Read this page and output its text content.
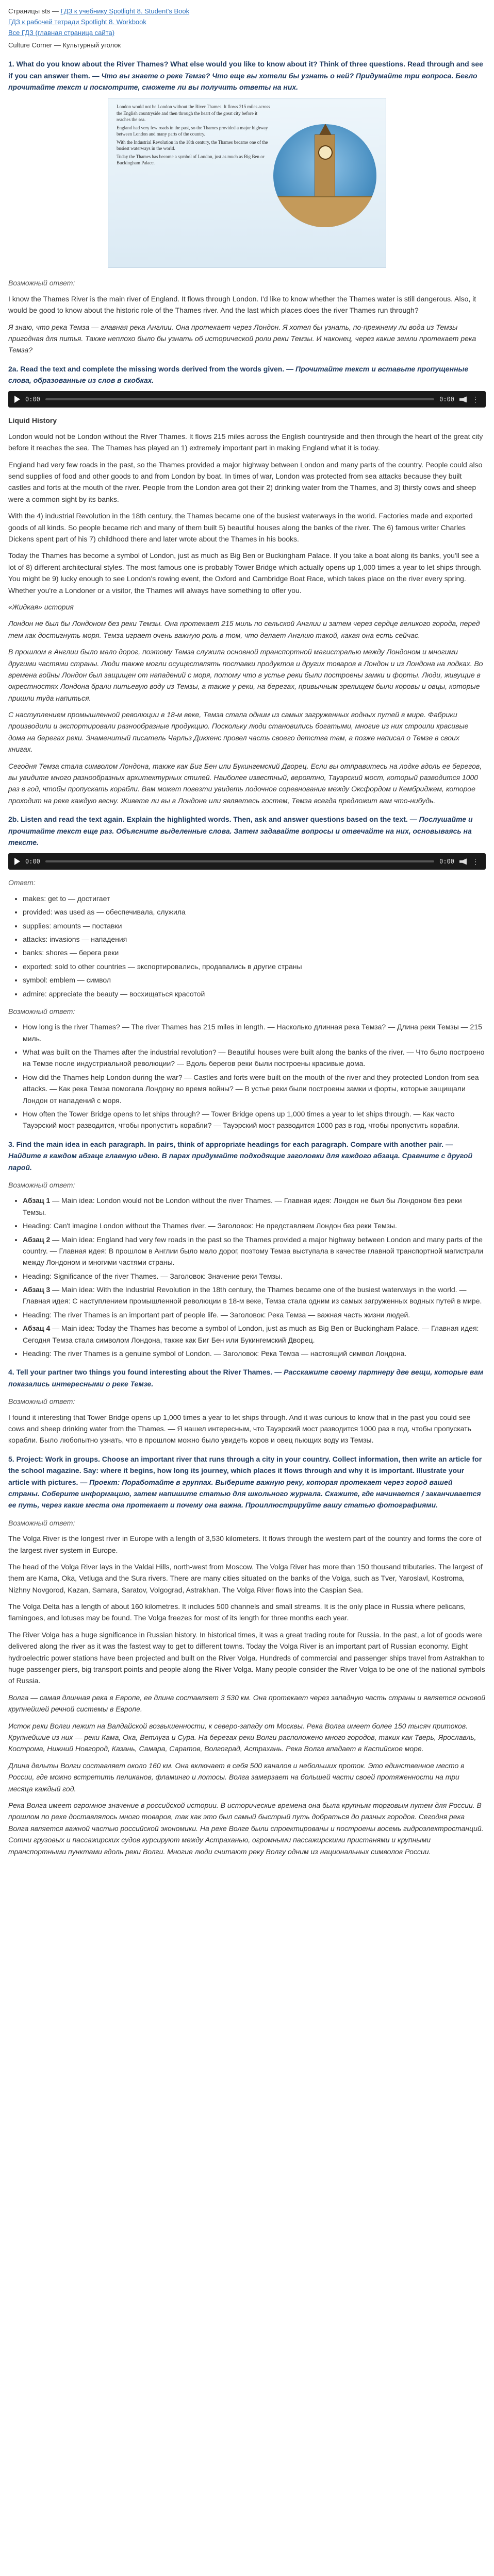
Страницы sts — ГДЗ к учебнику Spotlight 8. Student's Book
ГДЗ к рабочей тетради Spotlight 8. Workbook
Все ГДЗ (главная страница сайта)
Culture Corner — Культурный уголок
1. What do you know about the River Thames? What else would you like to know about it? Think of three questions. Read through and see if you can answer them. — Что вы знаете о реке Темзе? Что еще вы хотели бы узнать о ней? Придумайте три вопроса. Бегло прочитайте текст и посмотрите, сможете ли вы получить ответы на них.

London would not be London without the River Thames. It flows 215 miles across the English countryside and then through the heart of the great city before it reaches the sea.

England had very few roads in the past, so the Thames provided a major highway between London and many parts of the country.

With the Industrial Revolution in the 18th century, the Thames became one of the busiest waterways in the world.

Today the Thames has become a symbol of London, just as much as Big Ben or Buckingham Palace.

Возможный ответ:

I know the Thames River is the main river of England. It flows through London. I'd like to know whether the Thames water is still dangerous. Also, it would be good to know about the historic role of the Thames river. And the last which places does the river Thames run through?

Я знаю, что река Темза — главная река Англии. Она протекает через Лондон. Я хотел бы узнать, по-прежнему ли вода из Темзы пригодная для питья. Также неплохо было бы узнать об исторической роли реки Темзы. И наконец, через какие земли протекает река Темза?

2a. Read the text and complete the missing words derived from the words given. — Прочитайте текст и вставьте пропущенные слова, образованные из слов в скобках.
0:00	0:00 ⋮
Liquid History

London would not be London without the River Thames. It flows 215 miles across the English countryside and then through the heart of the great city before it reaches the sea. The Thames has played an 1) extremely important part in making England what it is today.

England had very few roads in the past, so the Thames provided a major highway between London and many parts of the country. People could also send supplies of food and other goods to and from London by boat. In times of war, London was protected from sea attacks because they built castles and forts at the mouth of the river. People from the London area got their 2) drinking water from the Thames, and 3) thirsty cows and sheep were a common sight by its banks.

With the 4) industrial Revolution in the 18th century, the Thames became one of the busiest waterways in the world. Factories made and exported goods of all kinds. So people became rich and many of them built 5) beautiful houses along the banks of the river. The 6) famous writer Charles Dickens spent part of his 7) childhood there and later wrote about the Thames in his books.

Today the Thames has become a symbol of London, just as much as Big Ben or Buckingham Palace. If you take a boat along its banks, you'll see a lot of 8) different architectural styles. The most famous one is probably Tower Bridge which actually opens up 1,000 times a year to let ships through. You might be 9) lucky enough to see London's rowing event, the Oxford and Cambridge Boat Race, which takes place on the river every spring. Whether you're a Londoner or a visitor, the Thames will always have something to offer you.

«Жидкая» история

Лондон не был бы Лондоном без реки Темзы. Она протекает 215 миль по сельской Англии и затем через сердце великого города, перед тем как достигнуть моря. Темза играет очень важную роль в том, что делает Англию такой, какая она есть сейчас.

В прошлом в Англии было мало дорог, поэтому Темза служила основной транспортной магистралью между Лондоном и многими другими частями страны. Люди также могли осуществлять поставки продуктов и других товаров в Лондон и из Лондона на лодках. Во времена войны Лондон был защищен от нападений с моря, потому что в устье реки были построены замки и форты. Люди, живущие в окрестностях Лондона брали питьевую воду из Темзы, а также у реки, на берегах, привычным зрелищем были коровы и овцы, которые пришли туда напиться.

С наступлением промышленной революции в 18-м веке, Темза стала одним из самых загруженных водных путей в мире. Фабрики производили и экспортировали разнообразные продукцию. Поскольку люди становились богатыми, многие из них строили красивые дома на берегах реки. Знаменитый писатель Чарльз Диккенс провел часть своего детства там, а позже написал о Темзе в своих книгах.

Сегодня Темза стала символом Лондона, также как Биг Бен или Букингемский Дворец. Если вы отправитесь на лодке вдоль ее берегов, вы увидите много разнообразных архитектурных стилей. Наиболее известный, вероятно, Тауэрский мост, который разводится 1000 раз в год, чтобы пропускать корабли. Вам может повезти увидеть лодочное соревнование между Оксфордом и Кембриджем, которое проходит на реке каждую весну. Живете ли вы в Лондоне или являетесь гостем, Темза всегда предложит вам что-нибудь.

2b. Listen and read the text again. Explain the highlighted words. Then, ask and answer questions based on the text. — Послушайте и прочитайте текст еще раз. Объясните выделенные слова. Затем задавайте вопросы и отвечайте на них, основываясь на тексте.
0:00	0:00 ⋮
Ответ:
• makes: get to — достигает
• provided: was used as — обеспечивала, служила
• supplies: amounts — поставки
• attacks: invasions — нападения
• banks: shores — берега реки
• exported: sold to other countries — экспортировались, продавались в другие страны
• symbol: emblem — символ
• admire: appreciate the beauty — восхищаться красотой
Возможный ответ:
• How long is the river Thames? — The river Thames has 215 miles in length. — Насколько длинная река Темза? — Длина реки Темзы — 215 миль.
• What was built on the Thames after the industrial revolution? — Beautiful houses were built along the banks of the river. — Что было построено на Темзе после индустриальной революции? — Вдоль берегов реки были построены красивые дома.
• How did the Thames help London during the war? — Castles and forts were built on the mouth of the river and they protected London from sea attacks. — Как река Темза помогала Лондону во время войны? — В устье реки были построены замки и форты, которые защищали Лондон от нападений с моря.
• How often the Tower Bridge opens to let ships through? — Tower Bridge opens up 1,000 times a year to let ships through. — Как часто Тауэрский мост разводится, чтобы пропустить корабли? — Тауэрский мост разводится 1000 раз в год, чтобы пропустить корабли.
3. Find the main idea in each paragraph. In pairs, think of appropriate headings for each paragraph. Compare with another pair. — Найдите в каждом абзаце главную идею. В парах придумайте подходящие заголовки для каждого абзаца. Сравните с другой парой.
Возможный ответ:
• Абзац 1 — Main idea: London would not be London without the river Thames. — Главная идея: Лондон не был бы Лондоном без реки Темзы.
• Heading: Can't imagine London without the Thames river. — Заголовок: Не представляем Лондон без реки Темзы.
• Абзац 2 — Main idea: England had very few roads in the past so the Thames provided a major highway between London and many parts of the country. — Главная идея: В прошлом в Англии было мало дорог, поэтому Темза выступала в качестве главной транспортной магистрали между Лондоном и многими частями страны.
• Heading: Significance of the river Thames. — Заголовок: Значение реки Темзы.
• Абзац 3 — Main idea: With the Industrial Revolution in the 18th century, the Thames became one of the busiest waterways in the world. — Главная идея: С наступлением промышленной революции в 18-м веке, Темза стала одним из самых загруженных водных путей в мире.
• Heading: The river Thames is an important part of people life. — Заголовок: Река Темза — важная часть жизни людей.
• Абзац 4 — Main idea: Today the Thames has become a symbol of London, just as much as Big Ben or Buckingham Palace. — Главная идея: Сегодня Темза стала символом Лондона, также как Биг Бен или Букингемский Дворец.
• Heading: The river Thames is a genuine symbol of London. — Заголовок: Река Темза — настоящий символ Лондона.
4. Tell your partner two things you found interesting about the River Thames. — Расскажите своему партнеру две вещи, которые вам показались интересными о реке Темзе.
Возможный ответ:

I found it interesting that Tower Bridge opens up 1,000 times a year to let ships through. And it was curious to know that in the past you could see cows and sheep drinking water from the Thames. — Я нашел интересным, что Тауэрский мост разводится 1000 раз в год, чтобы пропускать корабли. Было любопытно узнать, что в прошлом можно было увидеть коров и овец пьющих воду из Темзы.

5. Project: Work in groups. Choose an important river that runs through a city in your country. Collect information, then write an article for the school magazine. Say: where it begins, how long its journey, which places it flows through and why it is important. Illustrate your article with pictures. — Проект: Поработайте в группах. Выберите важную реку, которая протекает через город вашей страны. Соберите информацию, затем напишите статью для школьного журнала. Скажите, где начинается / заканчивается ее путь, через какие места она протекает и почему она важна. Проиллюстрируйте вашу статью фотографиями.
Возможный ответ:

The Volga River is the longest river in Europe with a length of 3,530 kilometers. It flows through the western part of the country and forms the core of the largest river system in Europe.

The head of the Volga River lays in the Valdai Hills, north-west from Moscow. The Volga River has more than 150 thousand tributaries. The largest of them are Kama, Oka, Vetluga and the Sura rivers. There are many cities situated on the banks of the Volga, such as Tver, Yaroslavl, Kostroma, Nizhny Novgorod, Kazan, Samara, Saratov, Volgograd, Astrakhan. The Volga River flows into the Caspian Sea.

The Volga Delta has a length of about 160 kilometres. It includes 500 channels and small streams. It is the only place in Russia where pelicans, flamingoes, and lotuses may be found. The Volga freezes for most of its length for three months each year.

The River Volga has a huge significance in Russian history. In historical times, it was a great trading route for Russia. In the past, a lot of goods were delivered along the river as it was the fastest way to get to different towns. Today the Volga River is an important part of Russian economy. Eight hydroelectric power stations have been projected and built on the River Volga. Hundreds of commercial and passenger ships travel from Astrakhan to huge passenger piers, big transport points and people along the River Volga. Many people consider the River Volga to be one of the national symbols of Russia.

Волга — самая длинная река в Европе, ее длина составляет 3 530 км. Она протекает через западную часть страны и является основой крупнейшей речной системы в Европе.

Исток реки Волги лежит на Валдайской возвышенности, к северо-западу от Москвы. Река Волга имеет более 150 тысяч притоков. Крупнейшие из них — реки Кама, Ока, Ветлуга и Сура. На берегах реки Волги расположено много городов, таких как Тверь, Ярославль, Кострома, Нижний Новгород, Казань, Самара, Саратов, Волгоград, Астрахань. Река Волга впадает в Каспийское море.

Длина дельты Волги составляет около 160 км. Она включает в себя 500 каналов и небольших проток. Это единственное место в России, где можно встретить пеликанов, фламинго и лотосы. Волга замерзает на большей части своей протяженности на три месяца каждый год.

Река Волга имеет огромное значение в российской истории. В исторические времена она была крупным торговым путем для России. В прошлом по реке доставлялось много товаров, так как это был самый быстрый путь добраться до разных городов. Сегодня река Волга является важной частью российской экономики. На реке Волге были спроектированы и построены восемь гидроэлектростанций. Сотни грузовых и пассажирских судов курсируют между Астраханью, огромными пассажирскими пристанями и крупными транспортными пунктами вдоль реки Волги. Многие люди считают реку Волгу одним из национальных символов России.
